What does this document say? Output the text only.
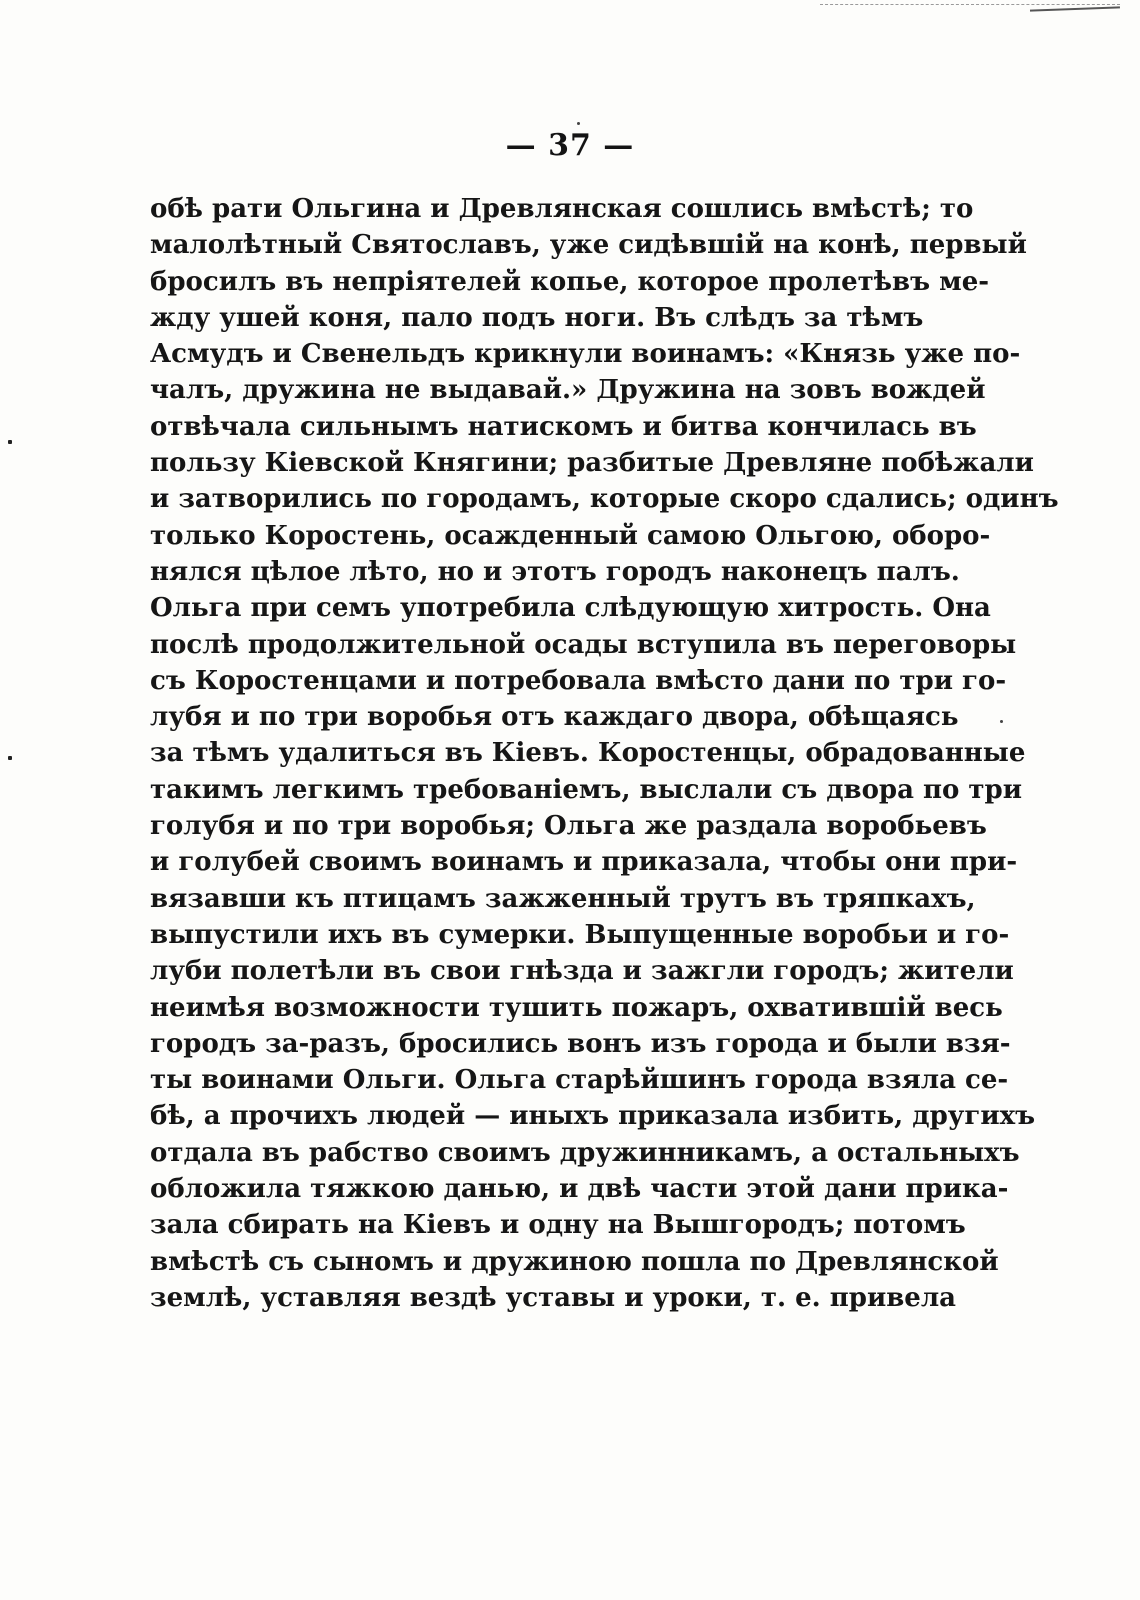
— 37 —
обѣ рати Ольгина и Древлянская сошлись вмѣстѣ; то
малолѣтный Святославъ, уже сидѣвшій на конѣ, первый
бросилъ въ непріятелей копье, которое пролетѣвъ ме-
жду ушей коня, пало подъ ноги. Въ слѣдъ за тѣмъ
Асмудъ и Свенельдъ крикнули воинамъ: «Князь уже по-
чалъ, дружина не выдавай.» Дружина на зовъ вождей
отвѣчала сильнымъ натискомъ и битва кончилась въ
пользу Кіевской Княгини; разбитые Древляне побѣжали
и затворились по городамъ, которые скоро сдались; одинъ
только Коростень, осажденный самою Ольгою, оборо-
нялся цѣлое лѣто, но и этотъ городъ наконецъ палъ.
Ольга при семъ употребила слѣдующую хитрость. Она
послѣ продолжительной осады вступила въ переговоры
съ Коростенцами и потребовала вмѣсто дани по три го-
лубя и по три воробья отъ каждаго двора, обѣщаясь
за тѣмъ удалиться въ Кіевъ. Коростенцы, обрадованные
такимъ легкимъ требованіемъ, выслали съ двора по три
голубя и по три воробья; Ольга же раздала воробьевъ
и голубей своимъ воинамъ и приказала, чтобы они при-
вязавши къ птицамъ зажженный трутъ въ тряпкахъ,
выпустили ихъ въ сумерки. Выпущенные воробьи и го-
луби полетѣли въ свои гнѣзда и зажгли городъ; жители
неимѣя возможности тушить пожаръ, охватившій весь
городъ за-разъ, бросились вонъ изъ города и были взя-
ты воинами Ольги. Ольга старѣйшинъ города взяла се-
бѣ, а прочихъ людей — иныхъ приказала избить, другихъ
отдала въ рабство своимъ дружинникамъ, а остальныхъ
обложила тяжкою данью, и двѣ части этой дани прика-
зала сбирать на Кіевъ и одну на Вышгородъ; потомъ
вмѣстѣ съ сыномъ и дружиною пошла по Древлянской
землѣ, уставляя вездѣ уставы и уроки, т. е. привела
